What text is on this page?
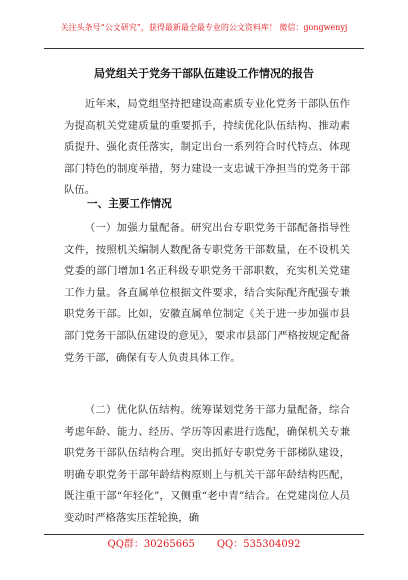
关注头条号“公文研究”，获得最新最全最专业的公文资料库！ 微信：gongwenyj
局党组关于党务干部队伍建设工作情况的报告

近年来，局党组坚持把建设高素质专业化党务干部队伍作为提高机关党建质量的重要抓手，持续优化队伍结构、推动素质提升、强化责任落实，制定出台一系列符合时代特点、体现部门特色的制度举措，努力建设一支忠诚干净担当的党务干部队伍。

一、主要工作情况

（一）加强力量配备。研究出台专职党务干部配备指导性文件，按照机关编制人数配备专职党务干部数量，在不设机关党委的部门增加1名正科级专职党务干部职数，充实机关党建工作力量。各直属单位根据文件要求，结合实际配齐配强专兼职党务干部。比如，安徽直属单位制定《关于进一步加强市县部门党务干部队伍建设的意见》，要求市县部门严格按规定配备党务干部，确保有专人负责具体工作。

（二）优化队伍结构。统筹谋划党务干部力量配备，综合考虑年龄、能力、经历、学历等因素进行选配，确保机关专兼职党务干部队伍结构合理。突出抓好专职党务干部梯队建设，明确专职党务干部年龄结构原则上与机关干部年龄结构匹配，既注重干部“年轻化”，又侧重“老中青”结合。在党建岗位人员变动时严格落实压茬轮换，确

QQ群：30265665 QQ：535304092
